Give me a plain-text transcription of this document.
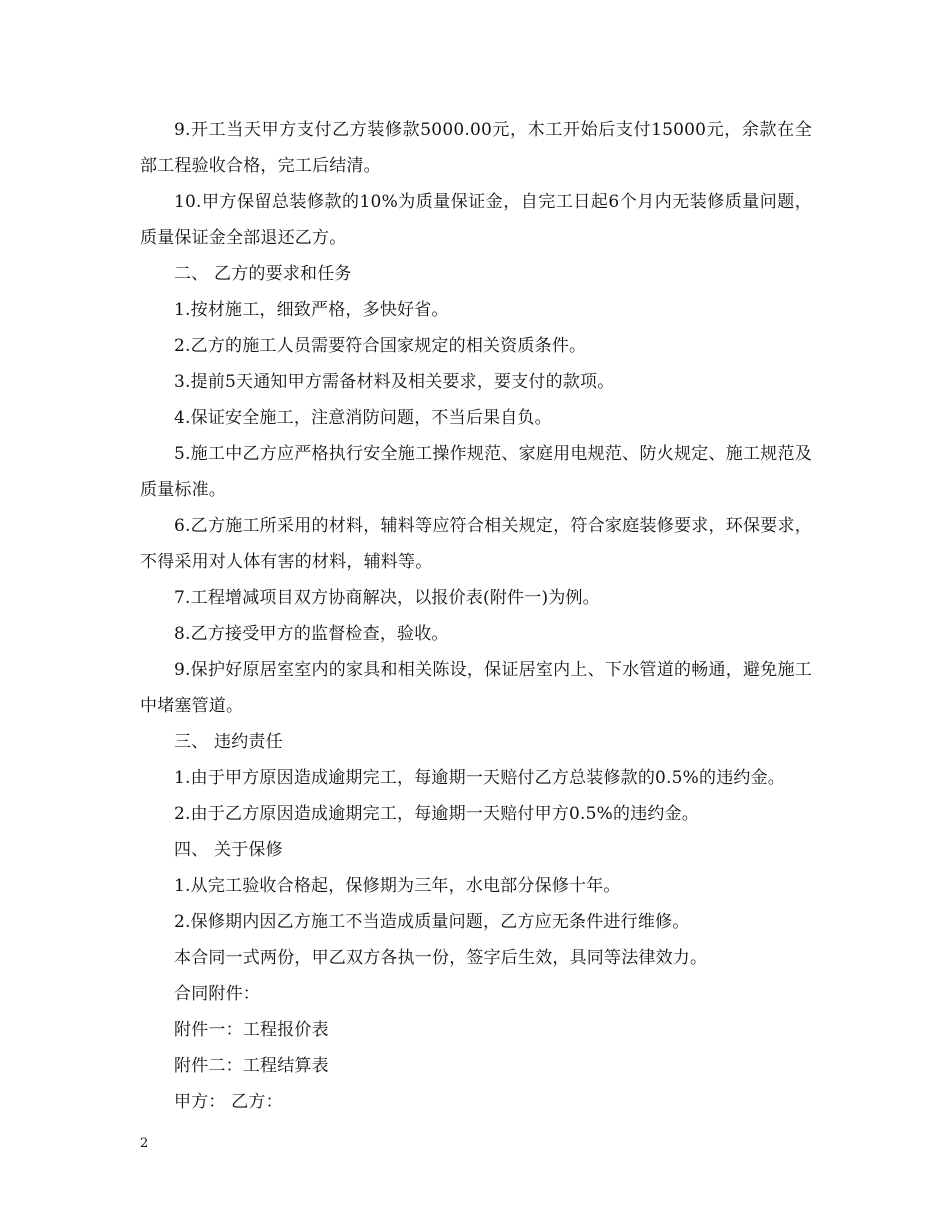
9.开工当天甲方支付乙方装修款5000.00元，木工开始后支付15000元，余款在全部工程验收合格，完工后结清。

10.甲方保留总装修款的10%为质量保证金，自完工日起6个月内无装修质量问题，质量保证金全部退还乙方。

二、 乙方的要求和任务

1.按材施工，细致严格，多快好省。

2.乙方的施工人员需要符合国家规定的相关资质条件。

3.提前5天通知甲方需备材料及相关要求，要支付的款项。

4.保证安全施工，注意消防问题，不当后果自负。

5.施工中乙方应严格执行安全施工操作规范、家庭用电规范、防火规定、施工规范及质量标准。

6.乙方施工所采用的材料，辅料等应符合相关规定，符合家庭装修要求，环保要求，不得采用对人体有害的材料，辅料等。

7.工程增减项目双方协商解决，以报价表(附件一)为例。

8.乙方接受甲方的监督检查，验收。

9.保护好原居室室内的家具和相关陈设，保证居室内上、下水管道的畅通，避免施工中堵塞管道。

三、 违约责任

1.由于甲方原因造成逾期完工，每逾期一天赔付乙方总装修款的0.5%的违约金。

2.由于乙方原因造成逾期完工，每逾期一天赔付甲方0.5%的违约金。

四、 关于保修

1.从完工验收合格起，保修期为三年，水电部分保修十年。

2.保修期内因乙方施工不当造成质量问题，乙方应无条件进行维修。

本合同一式两份，甲乙双方各执一份，签字后生效，具同等法律效力。

合同附件：

附件一：工程报价表

附件二：工程结算表

甲方： 乙方：

2
